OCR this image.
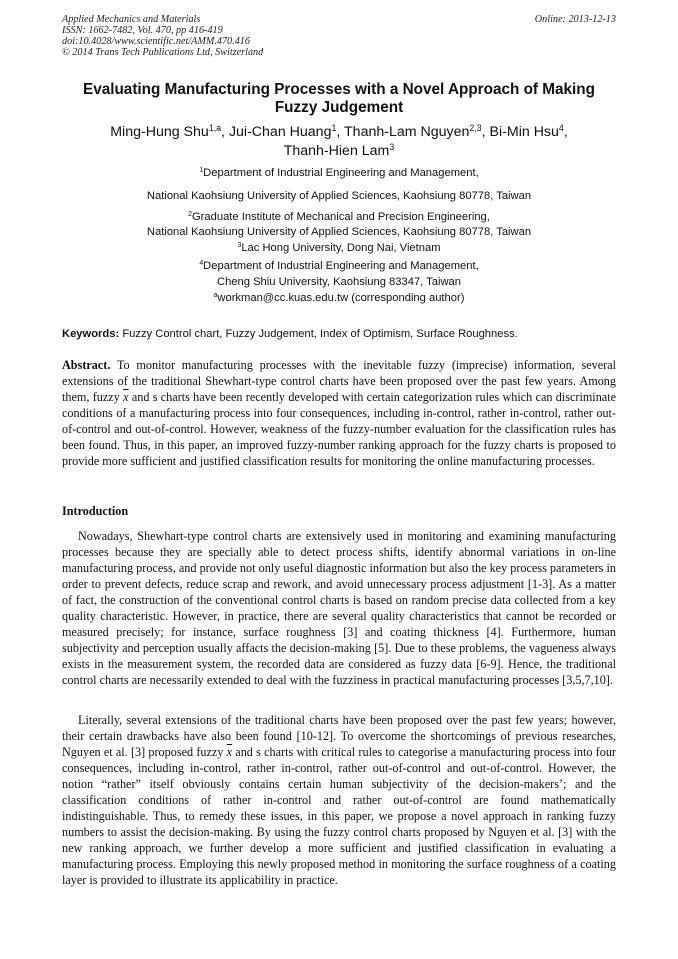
Applied Mechanics and Materials
ISSN: 1662-7482, Vol. 470, pp 416-419
doi:10.4028/www.scientific.net/AMM.470.416
© 2014 Trans Tech Publications Ltd, Switzerland
Online: 2013-12-13
Evaluating Manufacturing Processes with a Novel Approach of Making Fuzzy Judgement
Ming-Hung Shu$^{1,a}$, Jui-Chan Huang$^1$, Thanh-Lam Nguyen$^{2,3}$, Bi-Min Hsu$^4$,
Thanh-Hien Lam$^3$
$^1$Department of Industrial Engineering and Management,
National Kaohsiung University of Applied Sciences, Kaohsiung 80778, Taiwan
$^2$Graduate Institute of Mechanical and Precision Engineering,
National Kaohsiung University of Applied Sciences, Kaohsiung 80778, Taiwan
$^3$Lac Hong University, Dong Nai, Vietnam
$^4$Department of Industrial Engineering and Management,
Cheng Shiu University, Kaohsiung 83347, Taiwan
$^a$workman@cc.kuas.edu.tw (corresponding author)
Keywords: Fuzzy Control chart, Fuzzy Judgement, Index of Optimism, Surface Roughness.
Abstract. To monitor manufacturing processes with the inevitable fuzzy (imprecise) information, several extensions of the traditional Shewhart-type control charts have been proposed over the past few years. Among them, fuzzy $\overline{x}$ and s charts have been recently developed with certain categorization rules which can discriminate conditions of a manufacturing process into four consequences, including in-control, rather in-control, rather out-of-control and out-of-control. However, weakness of the fuzzy-number evaluation for the classification rules has been found. Thus, in this paper, an improved fuzzy-number ranking approach for the fuzzy charts is proposed to provide more sufficient and justified classification results for monitoring the online manufacturing processes.
Introduction

Nowadays, Shewhart-type control charts are extensively used in monitoring and examining manufacturing processes because they are specially able to detect process shifts, identify abnormal variations in on-line manufacturing process, and provide not only useful diagnostic information but also the key process parameters in order to prevent defects, reduce scrap and rework, and avoid unnecessary process adjustment [1-3]. As a matter of fact, the construction of the conventional control charts is based on random precise data collected from a key quality characteristic. However, in practice, there are several quality characteristics that cannot be recorded or measured precisely; for instance, surface roughness [3] and coating thickness [4]. Furthermore, human subjectivity and perception usually affacts the decision-making [5]. Due to these problems, the vagueness always exists in the measurement system, the recorded data are considered as fuzzy data [6-9]. Hence, the traditional control charts are necessarily extended to deal with the fuzziness in practical manufacturing processes [3,5,7,10].

Literally, several extensions of the traditional charts have been proposed over the past few years; however, their certain drawbacks have also been found [10-12]. To overcome the shortcomings of previous researches, Nguyen et al. [3] proposed fuzzy $\overline{x}$ and s charts with critical rules to categorise a manufacturing process into four consequences, including in-control, rather in-control, rather out-of-control and out-of-control. However, the notion “rather” itself obviously contains certain human subjectivity of the decision-makers’; and the classification conditions of rather in-control and rather out-of-control are found mathematically indistinguishable. Thus, to remedy these issues, in this paper, we propose a novel approach in ranking fuzzy numbers to assist the decision-making. By using the fuzzy control charts proposed by Nguyen et al. [3] with the new ranking approach, we further develop a more sufficient and justified classification in evaluating a manufacturing process. Employing this newly proposed method in monitoring the surface roughness of a coating layer is provided to illustrate its applicability in practice.
